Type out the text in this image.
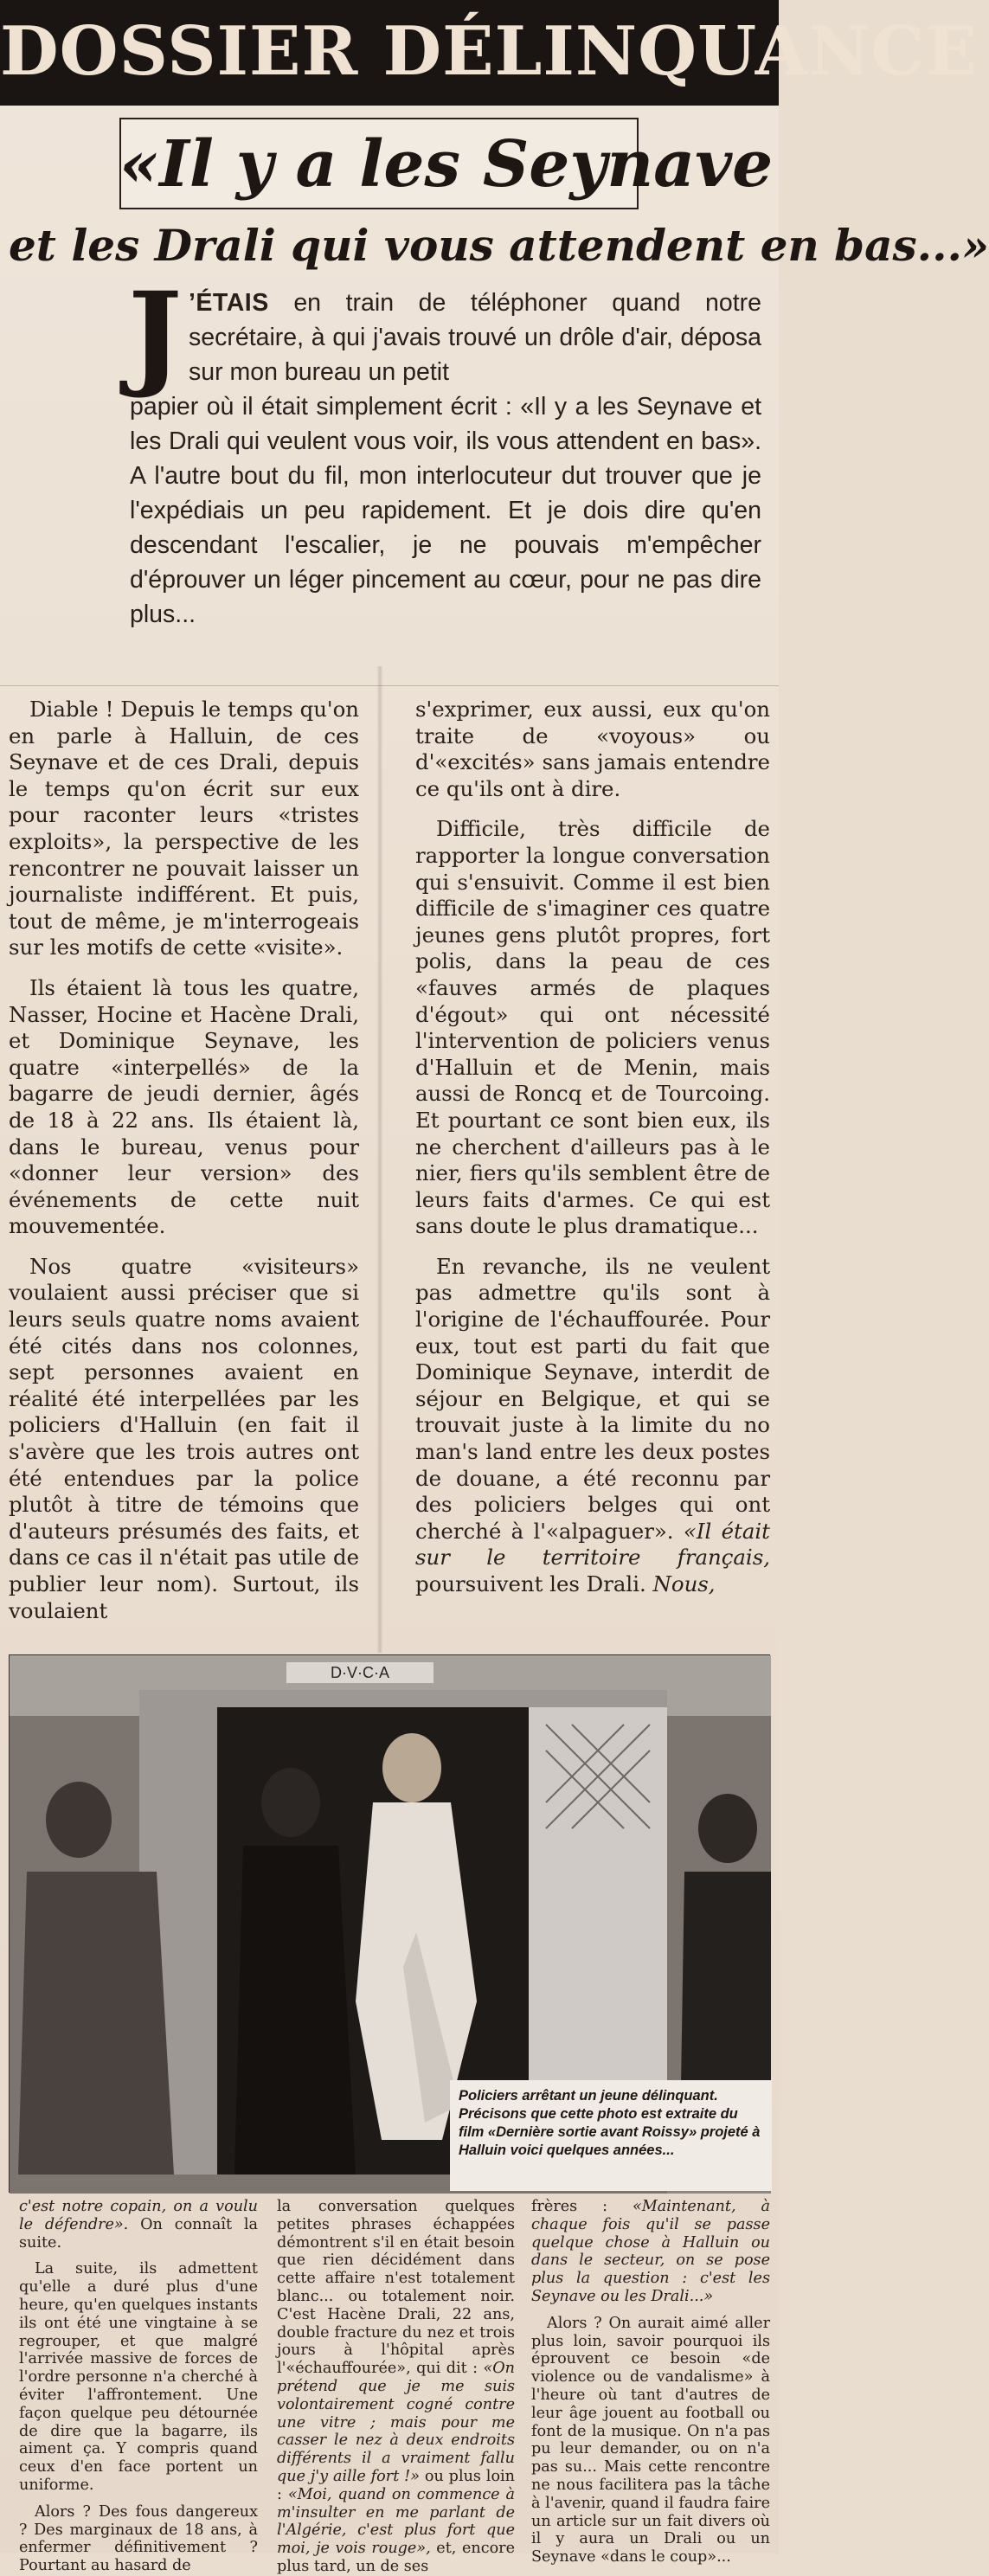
DOSSIER DÉLINQUANCE
«Il y a les Seynave
et les Drali qui vous attendent en bas...»
J ’ÉTAIS en train de téléphoner quand notre secrétaire, à qui j'avais trouvé un drôle d'air, déposa sur mon bureau un petit
papier où il était simplement écrit : «Il y a les Seynave et les Drali qui veulent vous voir, ils vous attendent en bas». A l'autre bout du fil, mon interlocuteur dut trouver que je l'expédiais un peu rapidement. Et je dois dire qu'en descendant l'escalier, je ne pouvais m'empêcher d'éprouver un léger pincement au cœur, pour ne pas dire plus...

Diable ! Depuis le temps qu'on en parle à Halluin, de ces Seynave et de ces Drali, depuis le temps qu'on écrit sur eux pour raconter leurs «tristes exploits», la perspective de les rencontrer ne pouvait laisser un journaliste indifférent. Et puis, tout de même, je m'interrogeais sur les motifs de cette «visite».

Ils étaient là tous les quatre, Nasser, Hocine et Hacène Drali, et Dominique Seynave, les quatre «interpellés» de la bagarre de jeudi dernier, âgés de 18 à 22 ans. Ils étaient là, dans le bureau, venus pour «donner leur version» des événements de cette nuit mouvementée.

Nos quatre «visiteurs» voulaient aussi préciser que si leurs seuls quatre noms avaient été cités dans nos colonnes, sept personnes avaient en réalité été interpellées par les policiers d'Halluin (en fait il s'avère que les trois autres ont été entendues par la police plutôt à titre de témoins que d'auteurs présumés des faits, et dans ce cas il n'était pas utile de publier leur nom). Surtout, ils voulaient

s'exprimer, eux aussi, eux qu'on traite de «voyous» ou d'«excités» sans jamais entendre ce qu'ils ont à dire.

Difficile, très difficile de rapporter la longue conversation qui s'ensuivit. Comme il est bien difficile de s'imaginer ces quatre jeunes gens plutôt propres, fort polis, dans la peau de ces «fauves armés de plaques d'égout» qui ont nécessité l'intervention de policiers venus d'Halluin et de Menin, mais aussi de Roncq et de Tourcoing. Et pourtant ce sont bien eux, ils ne cherchent d'ailleurs pas à le nier, fiers qu'ils semblent être de leurs faits d'armes. Ce qui est sans doute le plus dramatique...

En revanche, ils ne veulent pas admettre qu'ils sont à l'origine de l'échauffourée. Pour eux, tout est parti du fait que Dominique Seynave, interdit de séjour en Belgique, et qui se trouvait juste à la limite du no man's land entre les deux postes de douane, a été reconnu par des policiers belges qui ont cherché à l'«alpaguer». «Il était sur le territoire français, poursuivent les Drali. Nous,

D·V·C·A
Policiers arrêtant un jeune délinquant. Précisons que cette photo est extraite du film «Dernière sortie avant Roissy» projeté à Halluin voici quelques années...

c'est notre copain, on a voulu le défendre». On connaît la suite.

La suite, ils admettent qu'elle a duré plus d'une heure, qu'en quelques instants ils ont été une vingtaine à se regrouper, et que malgré l'arrivée massive de forces de l'ordre personne n'a cherché à éviter l'affrontement. Une façon quelque peu détournée de dire que la bagarre, ils aiment ça. Y compris quand ceux d'en face portent un uniforme.

Alors ? Des fous dangereux ? Des marginaux de 18 ans, à enfermer définitivement ? Pourtant au hasard de

la conversation quelques petites phrases échappées démontrent s'il en était besoin que rien décidément dans cette affaire n'est totalement blanc... ou totalement noir. C'est Hacène Drali, 22 ans, double fracture du nez et trois jours à l'hôpital après l'«échauffourée», qui dit : «On prétend que je me suis volontairement cogné contre une vitre ; mais pour me casser le nez à deux endroits différents il a vraiment fallu que j'y aille fort !» ou plus loin : «Moi, quand on commence à m'insulter en me parlant de l'Algérie, c'est plus fort que moi, je vois rouge», et, encore plus tard, un de ses

frères : «Maintenant, à chaque fois qu'il se passe quelque chose à Halluin ou dans le secteur, on se pose plus la question : c'est les Seynave ou les Drali...»

Alors ? On aurait aimé aller plus loin, savoir pourquoi ils éprouvent ce besoin «de violence ou de vandalisme» à l'heure où tant d'autres de leur âge jouent au football ou font de la musique. On n'a pas pu leur demander, ou on n'a pas su... Mais cette rencontre ne nous facilitera pas la tâche à l'avenir, quand il faudra faire un article sur un fait divers où il y aura un Drali ou un Seynave «dans le coup»...
